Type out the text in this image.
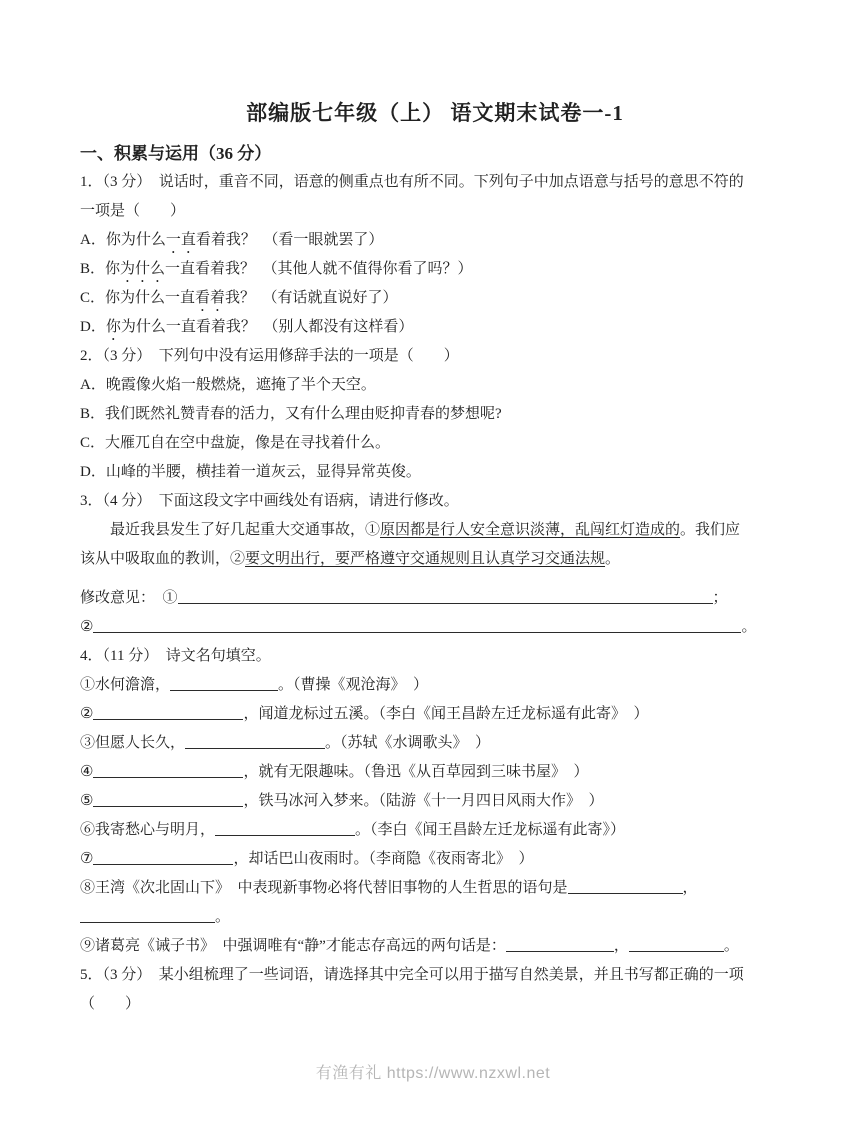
部编版七年级（上） 语文期末试卷一-1
一、积累与运用（36 分）
1．（3 分）　说话时，重音不同，语意的侧重点也有所不同。下列句子中加点语意与括号的意思不符的
一项是（　　）
A．你为什么一直看着我？　（看一眼就罢了）
B．你为什么一直看着我？　（其他人就不值得你看了吗？）
C．你为什么一直看着我？　（有话就直说好了）
D．你为什么一直看着我？　（别人都没有这样看）
2．（3 分）　下列句中没有运用修辞手法的一项是（　　）
A．晚霞像火焰一般燃烧，遮掩了半个天空。
B．我们既然礼赞青春的活力，又有什么理由贬抑青春的梦想呢?
C．大雁兀自在空中盘旋，像是在寻找着什么。
D．山峰的半腰，横挂着一道灰云，显得异常英俊。
3．（4 分）　下面这段文字中画线处有语病，请进行修改。
　　最近我县发生了好几起重大交通事故，①原因都是行人安全意识淡薄，乱闯红灯造成的。我们应
该从中吸取血的教训，②要文明出行，要严格遵守交通规则且认真学习交通法规。
修改意见：　①	；
②	。
4．（11 分）　诗文名句填空。
①水何澹澹，	。（曹操《观沧海》　）
②	，闻道龙标过五溪。（李白《闻王昌龄左迁龙标遥有此寄》　）
③但愿人长久，	。（苏轼《水调歌头》　）
④	，就有无限趣味。（鲁迅《从百草园到三味书屋》　）
⑤	，铁马冰河入梦来。（陆游《十一月四日风雨大作》　）
⑥我寄愁心与明月，	。（李白《闻王昌龄左迁龙标遥有此寄》）
⑦	，却话巴山夜雨时。（李商隐《夜雨寄北》　）
⑧王湾《次北固山下》　中表现新事物必将代替旧事物的人生哲思的语句是	，
。
⑨诸葛亮《诫子书》　中强调唯有“静”才能志存高远的两句话是：	，	。
5．（3 分）　某小组梳理了一些词语，请选择其中完全可以用于描写自然美景，并且书写都正确的一项
（　　）
有渔有礼 https://www.nzxwl.net
